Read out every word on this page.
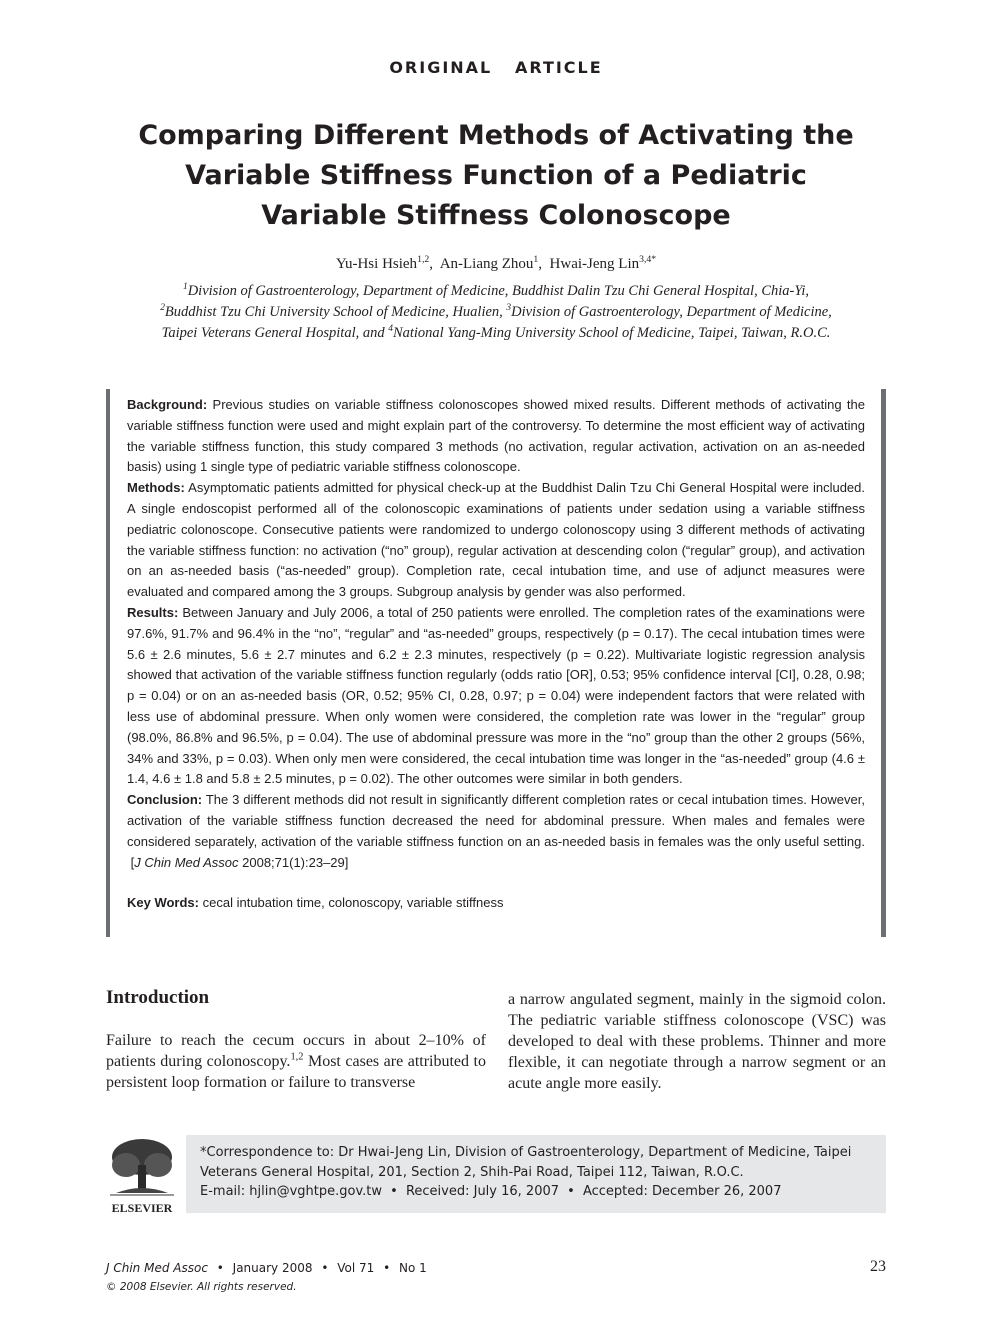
ORIGINAL   ARTICLE
Comparing Different Methods of Activating the Variable Stiffness Function of a Pediatric Variable Stiffness Colonoscope
Yu-Hsi Hsieh$^{1,2}$,  An-Liang Zhou$^1$,  Hwai-Jeng Lin$^{3,4*}$
$^1$Division of Gastroenterology, Department of Medicine, Buddhist Dalin Tzu Chi General Hospital, Chia-Yi,
$^2$Buddhist Tzu Chi University School of Medicine, Hualien, $^3$Division of Gastroenterology, Department of Medicine,
Taipei Veterans General Hospital, and $^4$National Yang-Ming University School of Medicine, Taipei, Taiwan, R.O.C.

Background: Previous studies on variable stiffness colonoscopes showed mixed results. Different methods of activating the variable stiffness function were used and might explain part of the controversy. To determine the most efficient way of activating the variable stiffness function, this study compared 3 methods (no activation, regular activation, activation on an as-needed basis) using 1 single type of pediatric variable stiffness colonoscope.

Methods: Asymptomatic patients admitted for physical check-up at the Buddhist Dalin Tzu Chi General Hospital were included. A single endoscopist performed all of the colonoscopic examinations of patients under sedation using a variable stiffness pediatric colonoscope. Consecutive patients were randomized to undergo colonoscopy using 3 different methods of activating the variable stiffness function: no activation (“no” group), regular activation at descending colon (“regular” group), and activation on an as-needed basis (“as-needed” group). Completion rate, cecal intubation time, and use of adjunct measures were evaluated and compared among the 3 groups. Subgroup analysis by gender was also performed.

Results: Between January and July 2006, a total of 250 patients were enrolled. The completion rates of the examinations were 97.6%, 91.7% and 96.4% in the “no”, “regular” and “as-needed” groups, respectively (p = 0.17). The cecal intubation times were 5.6 ± 2.6 minutes, 5.6 ± 2.7 minutes and 6.2 ± 2.3 minutes, respectively (p = 0.22). Multivariate logistic regression analysis showed that activation of the variable stiffness function regularly (odds ratio [OR], 0.53; 95% confidence interval [CI], 0.28, 0.98; p = 0.04) or on an as-needed basis (OR, 0.52; 95% CI, 0.28, 0.97; p = 0.04) were independent factors that were related with less use of abdominal pressure. When only women were considered, the completion rate was lower in the “regular” group (98.0%, 86.8% and 96.5%, p = 0.04). The use of abdominal pressure was more in the “no” group than the other 2 groups (56%, 34% and 33%, p = 0.03). When only men were considered, the cecal intubation time was longer in the “as-needed” group (4.6 ± 1.4, 4.6 ± 1.8 and 5.8 ± 2.5 minutes, p = 0.02). The other outcomes were similar in both genders.

Conclusion: The 3 different methods did not result in significantly different completion rates or cecal intubation times. However, activation of the variable stiffness function decreased the need for abdominal pressure. When males and females were considered separately, activation of the variable stiffness function on an as-needed basis in females was the only useful setting. [J Chin Med Assoc 2008;71(1):23–29]

Key Words: cecal intubation time, colonoscopy, variable stiffness

Introduction
Failure to reach the cecum occurs in about 2–10% of patients during colonoscopy.$^{1,2}$ Most cases are attributed to persistent loop formation or failure to transverse
a narrow angulated segment, mainly in the sigmoid colon. The pediatric variable stiffness colonoscope (VSC) was developed to deal with these problems. Thinner and more flexible, it can negotiate through a narrow segment or an acute angle more easily.
ELSEVIER
*Correspondence to: Dr Hwai-Jeng Lin, Division of Gastroenterology, Department of Medicine, Taipei
Veterans General Hospital, 201, Section 2, Shih-Pai Road, Taipei 112, Taiwan, R.O.C.
E-mail: hjlin@vghtpe.gov.tw • Received: July 16, 2007 • Accepted: December 26, 2007
J Chin Med Assoc • January 2008 • Vol 71 • No 1
© 2008 Elsevier. All rights reserved.
23
